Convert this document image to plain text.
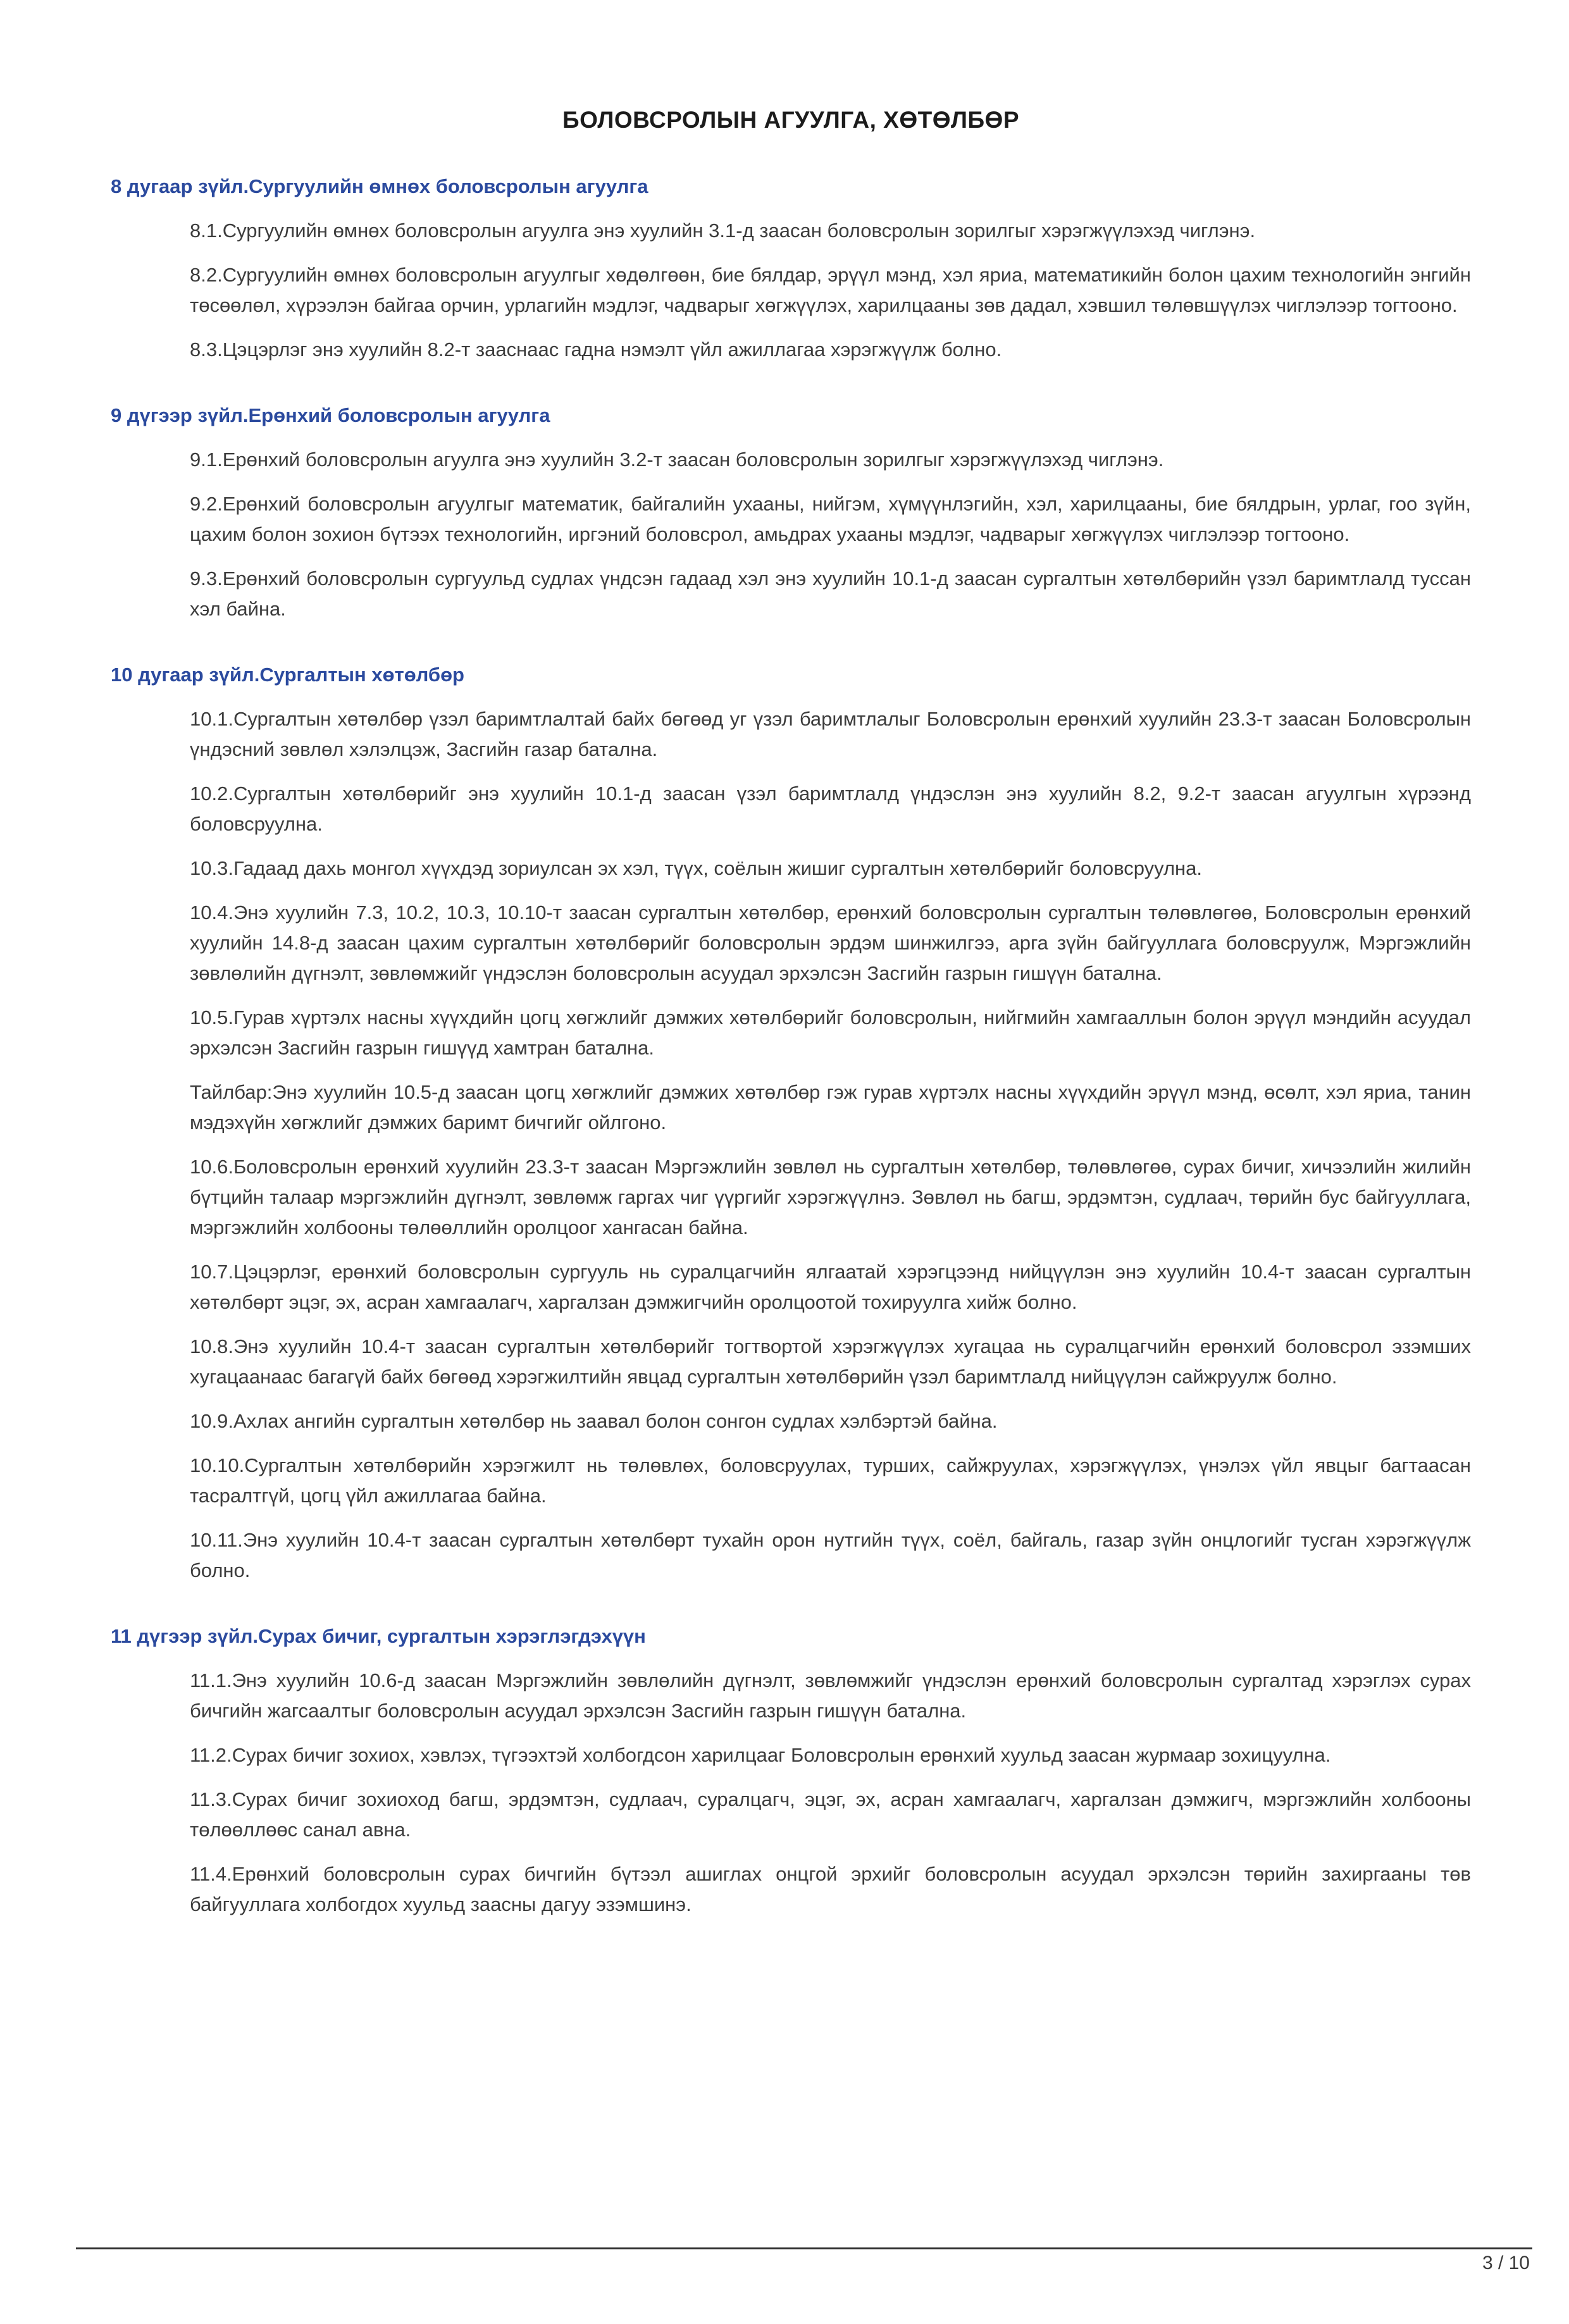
БОЛОВСРОЛЫН АГУУЛГА, ХӨТӨЛБӨР
8 дугаар зүйл.Сургуулийн өмнөх боловсролын агуулга

8.1.Сургуулийн өмнөх боловсролын агуулга энэ хуулийн 3.1-д заасан боловсролын зорилгыг хэрэгжүүлэхэд чиглэнэ.

8.2.Сургуулийн өмнөх боловсролын агуулгыг хөдөлгөөн, бие бялдар, эрүүл мэнд, хэл яриа, математикийн болон цахим технологийн энгийн төсөөлөл, хүрээлэн байгаа орчин, урлагийн мэдлэг, чадварыг хөгжүүлэх, харилцааны зөв дадал, хэвшил төлөвшүүлэх чиглэлээр тогтооно.

8.3.Цэцэрлэг энэ хуулийн 8.2-т зааснаас гадна нэмэлт үйл ажиллагаа хэрэгжүүлж болно.

9 дүгээр зүйл.Ерөнхий боловсролын агуулга

9.1.Ерөнхий боловсролын агуулга энэ хуулийн 3.2-т заасан боловсролын зорилгыг хэрэгжүүлэхэд чиглэнэ.

9.2.Ерөнхий боловсролын агуулгыг математик, байгалийн ухааны, нийгэм, хүмүүнлэгийн, хэл, харилцааны, бие бялдрын, урлаг, гоо зүйн, цахим болон зохион бүтээх технологийн, иргэний боловсрол, амьдрах ухааны мэдлэг, чадварыг хөгжүүлэх чиглэлээр тогтооно.

9.3.Ерөнхий боловсролын сургуульд судлах үндсэн гадаад хэл энэ хуулийн 10.1-д заасан сургалтын хөтөлбөрийн үзэл баримтлалд туссан хэл байна.

10 дугаар зүйл.Сургалтын хөтөлбөр

10.1.Сургалтын хөтөлбөр үзэл баримтлалтай байх бөгөөд уг үзэл баримтлалыг Боловсролын ерөнхий хуулийн 23.3-т заасан Боловсролын үндэсний зөвлөл хэлэлцэж, Засгийн газар батална.

10.2.Сургалтын хөтөлбөрийг энэ хуулийн 10.1-д заасан үзэл баримтлалд үндэслэн энэ хуулийн 8.2, 9.2-т заасан агуулгын хүрээнд боловсруулна.

10.3.Гадаад дахь монгол хүүхдэд зориулсан эх хэл, түүх, соёлын жишиг сургалтын хөтөлбөрийг боловсруулна.

10.4.Энэ хуулийн 7.3, 10.2, 10.3, 10.10-т заасан сургалтын хөтөлбөр, ерөнхий боловсролын сургалтын төлөвлөгөө, Боловсролын ерөнхий хуулийн 14.8-д заасан цахим сургалтын хөтөлбөрийг боловсролын эрдэм шинжилгээ, арга зүйн байгууллага боловсруулж, Мэргэжлийн зөвлөлийн дүгнэлт, зөвлөмжийг үндэслэн боловсролын асуудал эрхэлсэн Засгийн газрын гишүүн батална.

10.5.Гурав хүртэлх насны хүүхдийн цогц хөгжлийг дэмжих хөтөлбөрийг боловсролын, нийгмийн хамгааллын болон эрүүл мэндийн асуудал эрхэлсэн Засгийн газрын гишүүд хамтран батална.

Тайлбар:Энэ хуулийн 10.5-д заасан цогц хөгжлийг дэмжих хөтөлбөр гэж гурав хүртэлх насны хүүхдийн эрүүл мэнд, өсөлт, хэл яриа, танин мэдэхүйн хөгжлийг дэмжих баримт бичгийг ойлгоно.

10.6.Боловсролын ерөнхий хуулийн 23.3-т заасан Мэргэжлийн зөвлөл нь сургалтын хөтөлбөр, төлөвлөгөө, сурах бичиг, хичээлийн жилийн бүтцийн талаар мэргэжлийн дүгнэлт, зөвлөмж гаргах чиг үүргийг хэрэгжүүлнэ. Зөвлөл нь багш, эрдэмтэн, судлаач, төрийн бус байгууллага, мэргэжлийн холбооны төлөөллийн оролцоог хангасан байна.

10.7.Цэцэрлэг, ерөнхий боловсролын сургууль нь суралцагчийн ялгаатай хэрэгцээнд нийцүүлэн энэ хуулийн 10.4-т заасан сургалтын хөтөлбөрт эцэг, эх, асран хамгаалагч, харгалзан дэмжигчийн оролцоотой тохируулга хийж болно.

10.8.Энэ хуулийн 10.4-т заасан сургалтын хөтөлбөрийг тогтвортой хэрэгжүүлэх хугацаа нь суралцагчийн ерөнхий боловсрол эзэмших хугацаанаас багагүй байх бөгөөд хэрэгжилтийн явцад сургалтын хөтөлбөрийн үзэл баримтлалд нийцүүлэн сайжруулж болно.

10.9.Ахлах ангийн сургалтын хөтөлбөр нь заавал болон сонгон судлах хэлбэртэй байна.

10.10.Сургалтын хөтөлбөрийн хэрэгжилт нь төлөвлөх, боловсруулах, турших, сайжруулах, хэрэгжүүлэх, үнэлэх үйл явцыг багтаасан тасралтгүй, цогц үйл ажиллагаа байна.

10.11.Энэ хуулийн 10.4-т заасан сургалтын хөтөлбөрт тухайн орон нутгийн түүх, соёл, байгаль, газар зүйн онцлогийг тусган хэрэгжүүлж болно.

11 дүгээр зүйл.Сурах бичиг, сургалтын хэрэглэгдэхүүн

11.1.Энэ хуулийн 10.6-д заасан Мэргэжлийн зөвлөлийн дүгнэлт, зөвлөмжийг үндэслэн ерөнхий боловсролын сургалтад хэрэглэх сурах бичгийн жагсаалтыг боловсролын асуудал эрхэлсэн Засгийн газрын гишүүн батална.

11.2.Сурах бичиг зохиох, хэвлэх, түгээхтэй холбогдсон харилцааг Боловсролын ерөнхий хуульд заасан журмаар зохицуулна.

11.3.Сурах бичиг зохиоход багш, эрдэмтэн, судлаач, суралцагч, эцэг, эх, асран хамгаалагч, харгалзан дэмжигч, мэргэжлийн холбооны төлөөллөөс санал авна.

11.4.Ерөнхий боловсролын сурах бичгийн бүтээл ашиглах онцгой эрхийг боловсролын асуудал эрхэлсэн төрийн захиргааны төв байгууллага холбогдох хуульд заасны дагуу эзэмшинэ.

3 / 10
